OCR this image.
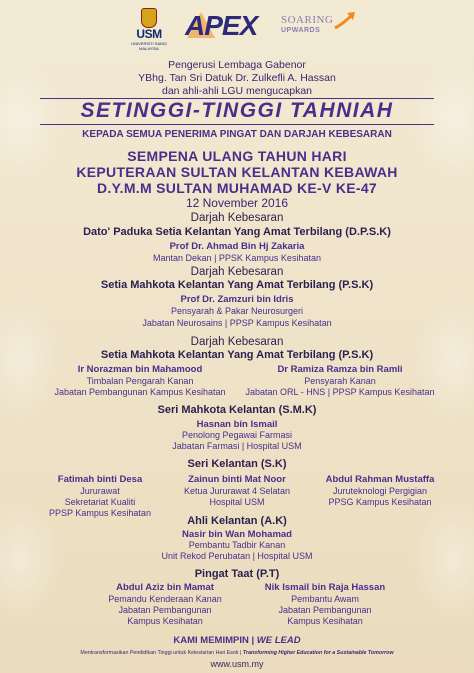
USM
UNIVERSITI SAINS MALAYSIA
APEX SOARING
UPWARDS
Pengerusi Lembaga Gabenor
YBhg. Tan Sri Datuk Dr. Zulkefli A. Hassan
dan ahli-ahli LGU mengucapkan
SETINGGI-TINGGI TAHNIAH
KEPADA SEMUA PENERIMA PINGAT DAN DARJAH KEBESARAN
SEMPENA ULANG TAHUN HARI
KEPUTERAAN SULTAN KELANTAN KEBAWAH
D.Y.M.M SULTAN MUHAMAD KE-V KE-47
12 November 2016
Darjah Kebesaran
Dato' Paduka Setia Kelantan Yang Amat Terbilang (D.P.S.K)
Prof Dr. Ahmad Bin Hj Zakaria
Mantan Dekan | PPSK Kampus Kesihatan
Darjah Kebesaran
Setia Mahkota Kelantan Yang Amat Terbilang (P.S.K)
Prof Dr. Zamzuri bin Idris
Pensyarah & Pakar Neurosurgeri
Jabatan Neurosains | PPSP Kampus Kesihatan
Darjah Kebesaran
Setia Mahkota Kelantan Yang Amat Terbilang (P.S.K)
Ir Norazman bin Mahamood
Timbalan Pengarah Kanan
Jabatan Pembangunan Kampus Kesihatan
Dr Ramiza Ramza bin Ramli
Pensyarah Kanan
Jabatan ORL - HNS | PPSP Kampus Kesihatan
Seri Mahkota Kelantan (S.M.K)
Hasnan bin Ismail
Penolong Pegawai Farmasi
Jabatan Farmasi | Hospital USM
Seri Kelantan (S.K)
Fatimah binti Desa
Jururawat
Sekretariat Kualiti
PPSP Kampus Kesihatan
Zainun binti Mat Noor
Ketua Jururawat 4 Selatan
Hospital USM
Abdul Rahman Mustaffa
Juruteknologi Pergigian
PPSG Kampus Kesihatan
Ahli Kelantan (A.K)
Nasir bin Wan Mohamad
Pembantu Tadbir Kanan
Unit Rekod Perubatan | Hospital USM
Pingat Taat (P.T)
Abdul Aziz bin Mamat
Pemandu Kenderaan Kanan
Jabatan Pembangunan
Kampus Kesihatan
Nik Ismail bin Raja Hassan
Pembantu Awam
Jabatan Pembangunan
Kampus Kesihatan
KAMI MEMIMPIN | WE LEAD
Mentransformasikan Pendidikan Tinggi untuk Kelestarian Hari Esok | Transforming Higher Education for a Sustainable Tomorrow
www.usm.my
